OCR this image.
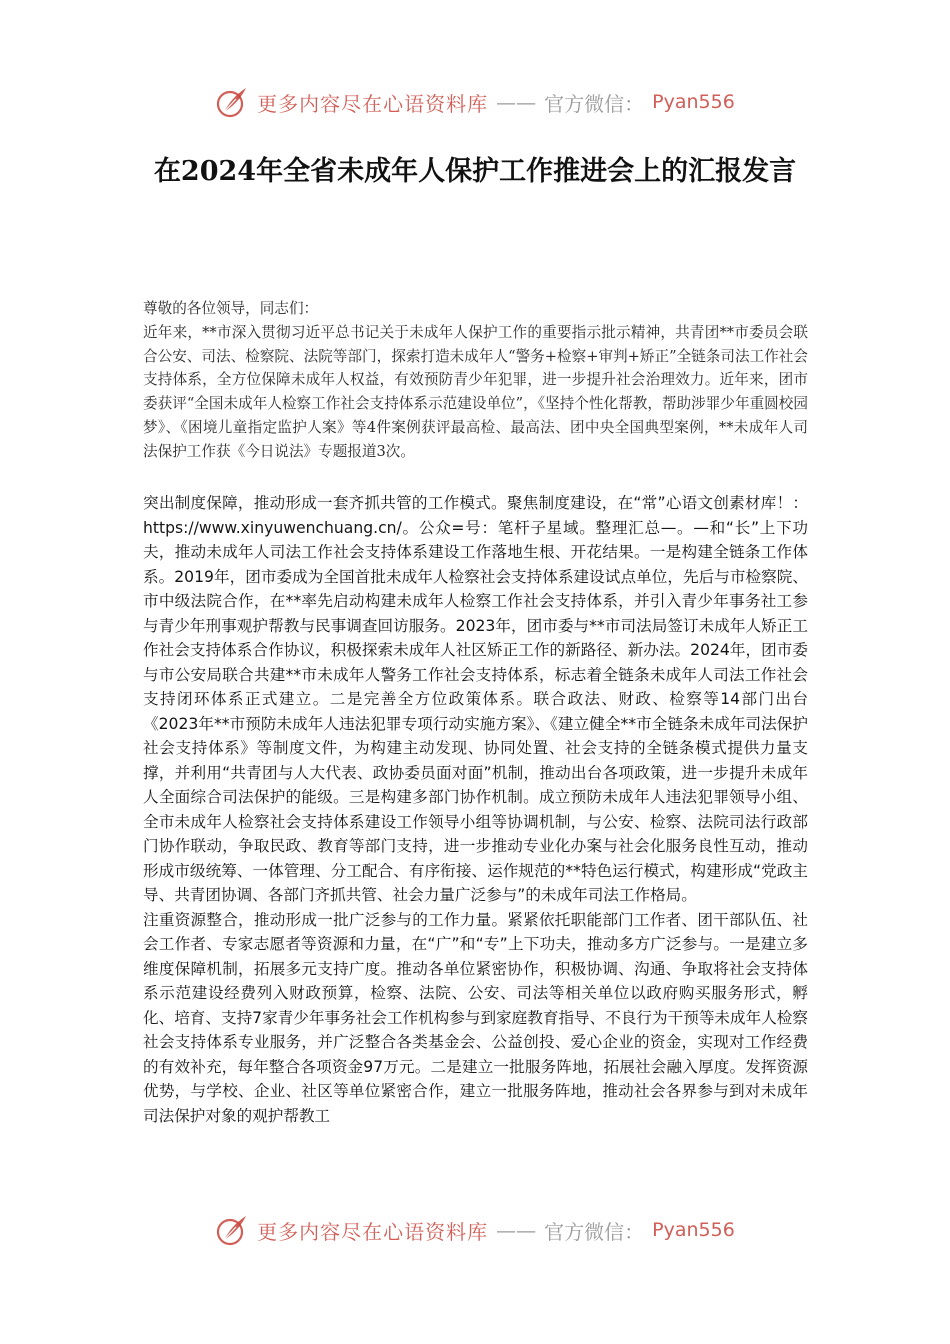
更多内容尽在心语资料库 —— 官方微信： Pyan556
在2024年全省未成年人保护工作推进会上的汇报发言

尊敬的各位领导，同志们：

近年来，**市深入贯彻习近平总书记关于未成年人保护工作的重要指示批示精神，共青团**市委员会联合公安、司法、检察院、法院等部门，探索打造未成年人“警务+检察+审判+矫正”全链条司法工作社会支持体系，全方位保障未成年人权益，有效预防青少年犯罪，进一步提升社会治理效力。近年来，团市委获评“全国未成年人检察工作社会支持体系示范建设单位”，《坚持个性化帮教，帮助涉罪少年重圆校园梦》、《困境儿童指定监护人案》等4件案例获评最高检、最高法、团中央全国典型案例，**未成年人司法保护工作获《今日说法》专题报道3次。

突出制度保障，推动形成一套齐抓共管的工作模式。聚焦制度建设，在“常”心语文创素材库！：https://www.xinyuwenchuang.cn/。公众=号：笔杆子星域。整理汇总—。—和“长”上下功夫，推动未成年人司法工作社会支持体系建设工作落地生根、开花结果。一是构建全链条工作体系。2019年，团市委成为全国首批未成年人检察社会支持体系建设试点单位，先后与市检察院、市中级法院合作，在**率先启动构建未成年人检察工作社会支持体系，并引入青少年事务社工参与青少年刑事观护帮教与民事调查回访服务。2023年，团市委与**市司法局签订未成年人矫正工作社会支持体系合作协议，积极探索未成年人社区矫正工作的新路径、新办法。2024年，团市委与市公安局联合共建**市未成年人警务工作社会支持体系，标志着全链条未成年人司法工作社会支持闭环体系正式建立。二是完善全方位政策体系。联合政法、财政、检察等14部门出台《2023年**市预防未成年人违法犯罪专项行动实施方案》、《建立健全**市全链条未成年司法保护社会支持体系》等制度文件，为构建主动发现、协同处置、社会支持的全链条模式提供力量支撑，并利用“共青团与人大代表、政协委员面对面”机制，推动出台各项政策，进一步提升未成年人全面综合司法保护的能级。三是构建多部门协作机制。成立预防未成年人违法犯罪领导小组、全市未成年人检察社会支持体系建设工作领导小组等协调机制，与公安、检察、法院司法行政部门协作联动，争取民政、教育等部门支持，进一步推动专业化办案与社会化服务良性互动，推动形成市级统筹、一体管理、分工配合、有序衔接、运作规范的**特色运行模式，构建形成“党政主导、共青团协调、各部门齐抓共管、社会力量广泛参与”的未成年司法工作格局。

注重资源整合，推动形成一批广泛参与的工作力量。紧紧依托职能部门工作者、团干部队伍、社会工作者、专家志愿者等资源和力量，在“广”和“专”上下功夫，推动多方广泛参与。一是建立多维度保障机制，拓展多元支持广度。推动各单位紧密协作，积极协调、沟通、争取将社会支持体系示范建设经费列入财政预算，检察、法院、公安、司法等相关单位以政府购买服务形式，孵化、培育、支持7家青少年事务社会工作机构参与到家庭教育指导、不良行为干预等未成年人检察社会支持体系专业服务，并广泛整合各类基金会、公益创投、爱心企业的资金，实现对工作经费的有效补充，每年整合各项资金97万元。二是建立一批服务阵地，拓展社会融入厚度。发挥资源优势，与学校、企业、社区等单位紧密合作，建立一批服务阵地，推动社会各界参与到对未成年司法保护对象的观护帮教工

更多内容尽在心语资料库 —— 官方微信： Pyan556
